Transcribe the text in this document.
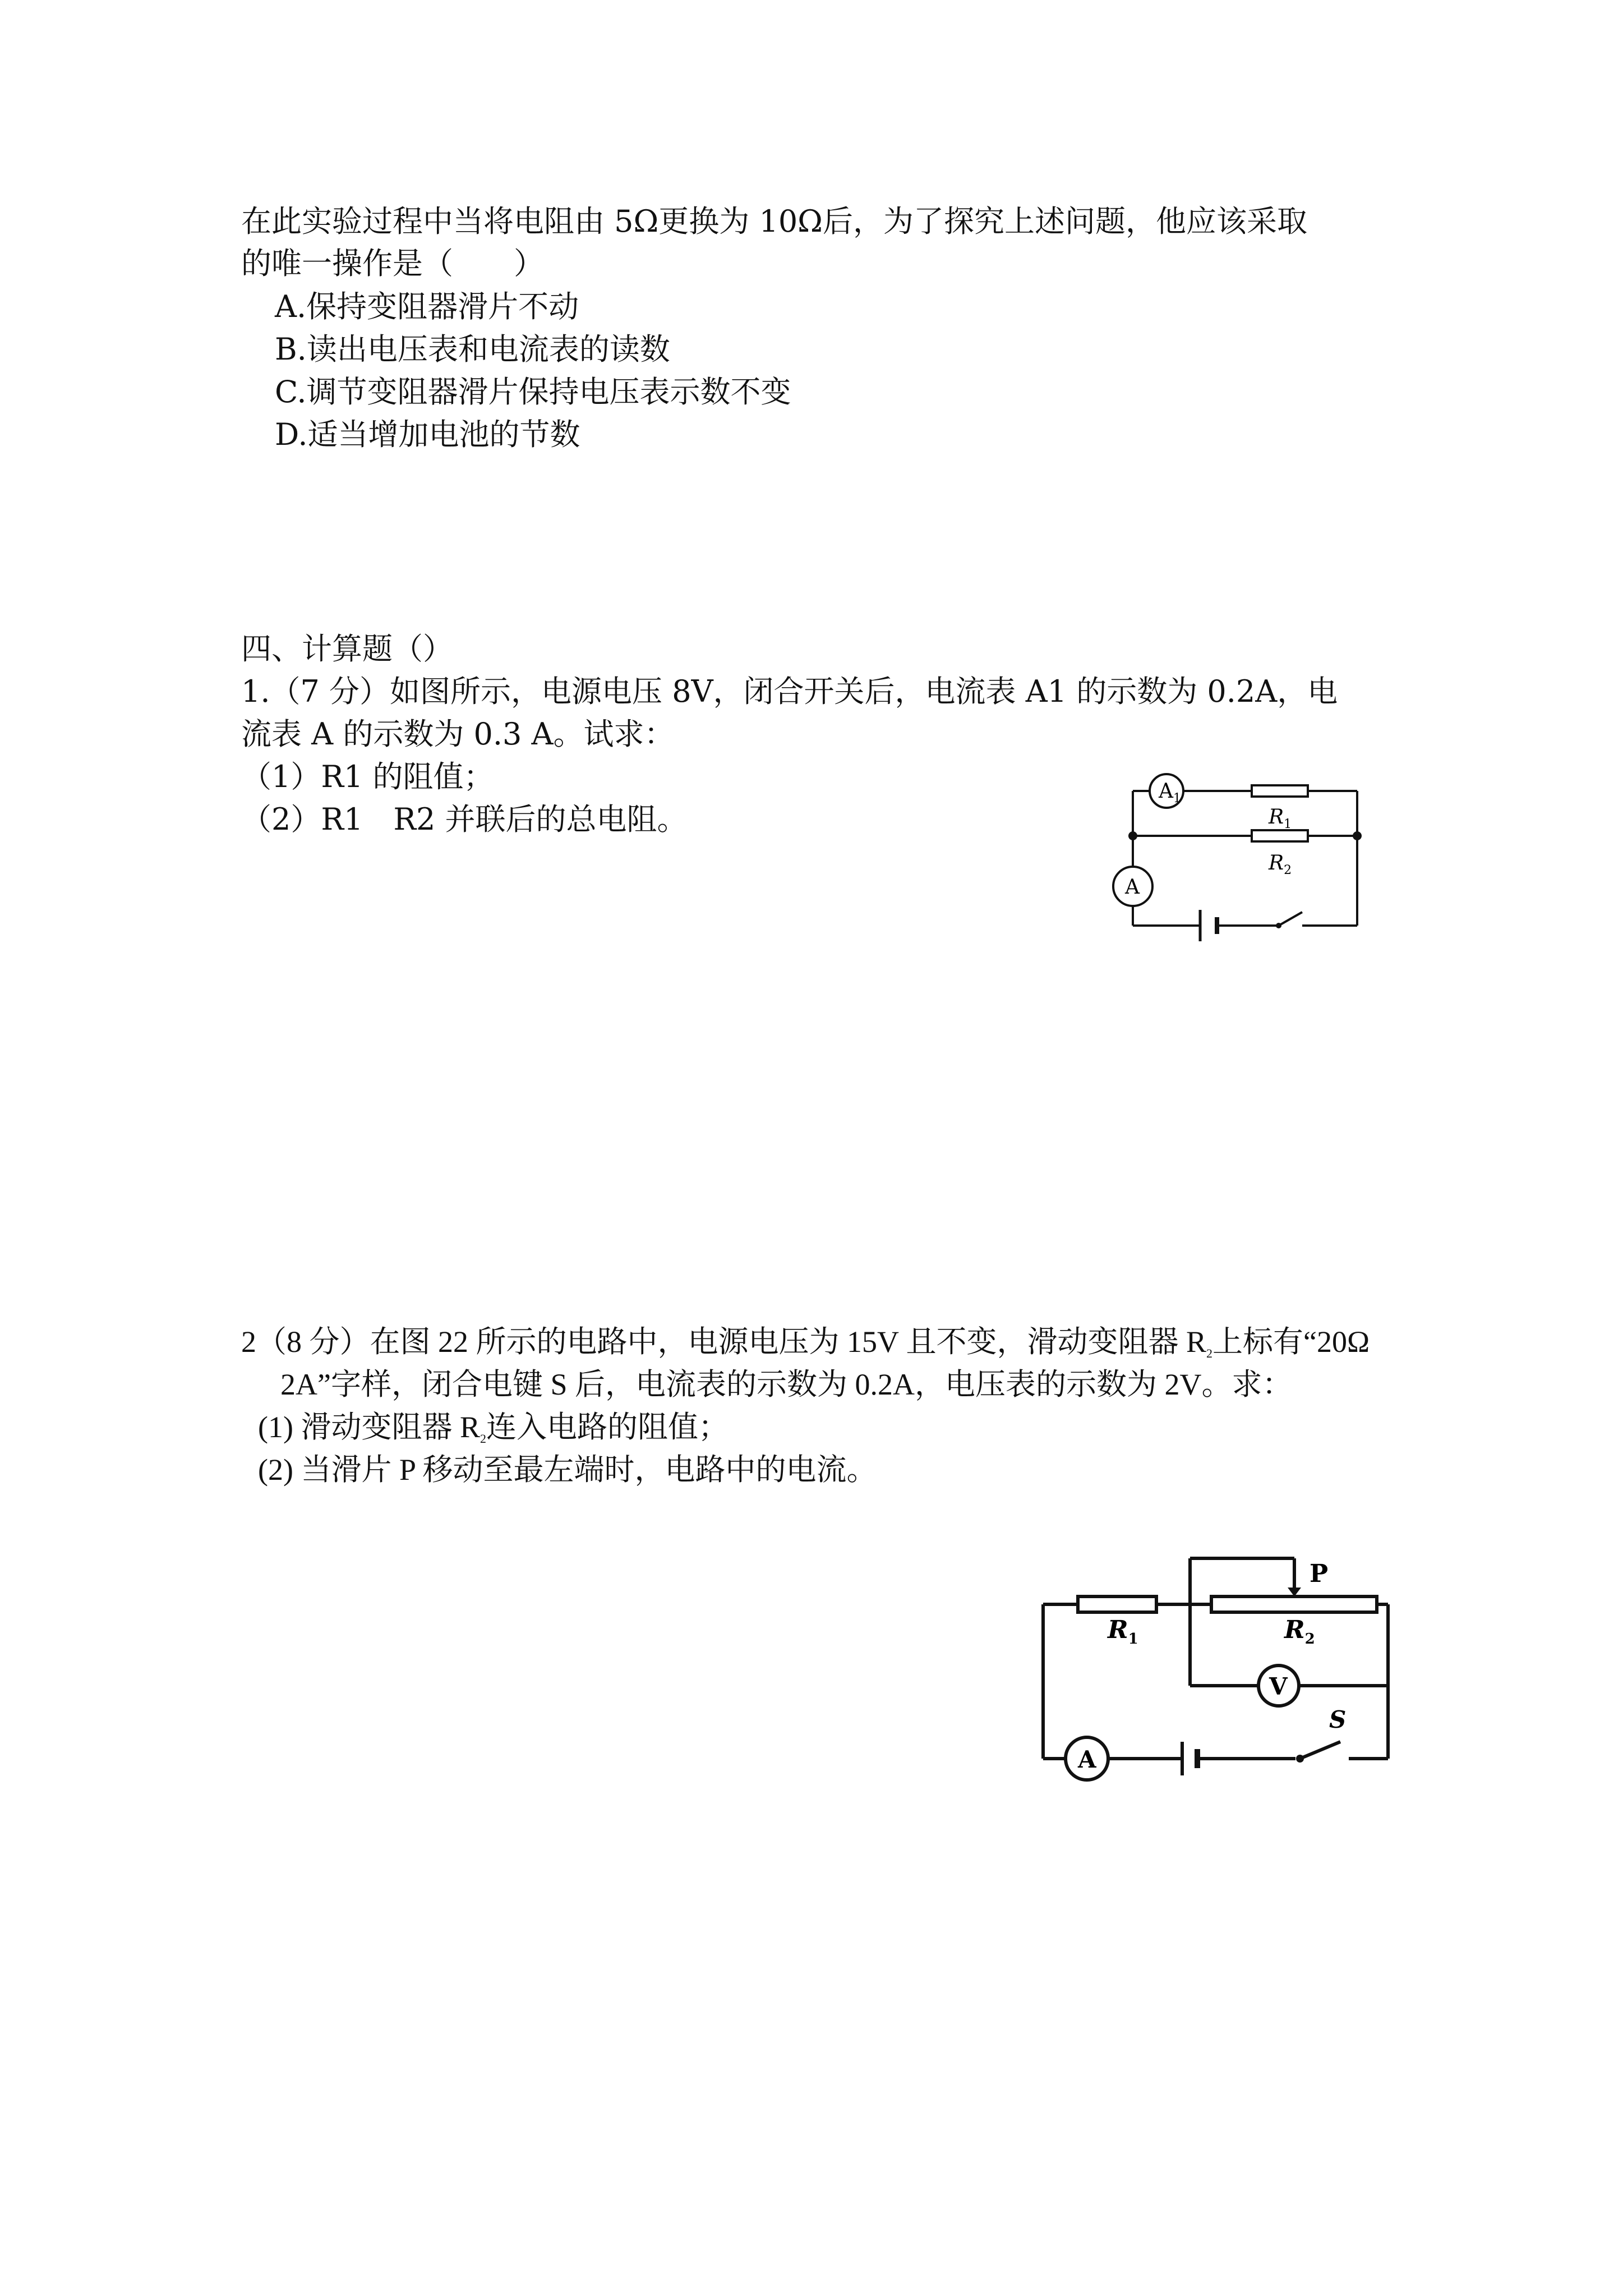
在此实验过程中当将电阻由 5Ω更换为 10Ω后，为了探究上述问题，他应该采取
的唯一操作是（　　）
A.保持变阻器滑片不动
B.读出电压表和电流表的读数
C.调节变阻器滑片保持电压表示数不变
D.适当增加电池的节数
四、计算题（）
1.（7 分）如图所示，电源电压 8V，闭合开关后，电流表 A1 的示数为 0.2A，电
流表 A 的示数为 0.3 A。试求：
（1）R1 的阻值；
（2）R1　R2 并联后的总电阻。
$A_1$
$R_1$
$R_2$
A
2（8 分）在图 22 所示的电路中，电源电压为 15V 且不变，滑动变阻器 $R_2$上标有“20Ω
2A”字样，闭合电键 S 后，电流表的示数为 0.2A，电压表的示数为 2V。求：
(1) 滑动变阻器 $R_2$连入电路的阻值；
(2) 当滑片 P 移动至最左端时，电路中的电流。
P
$R_1$	$R_2$
V
S
A
